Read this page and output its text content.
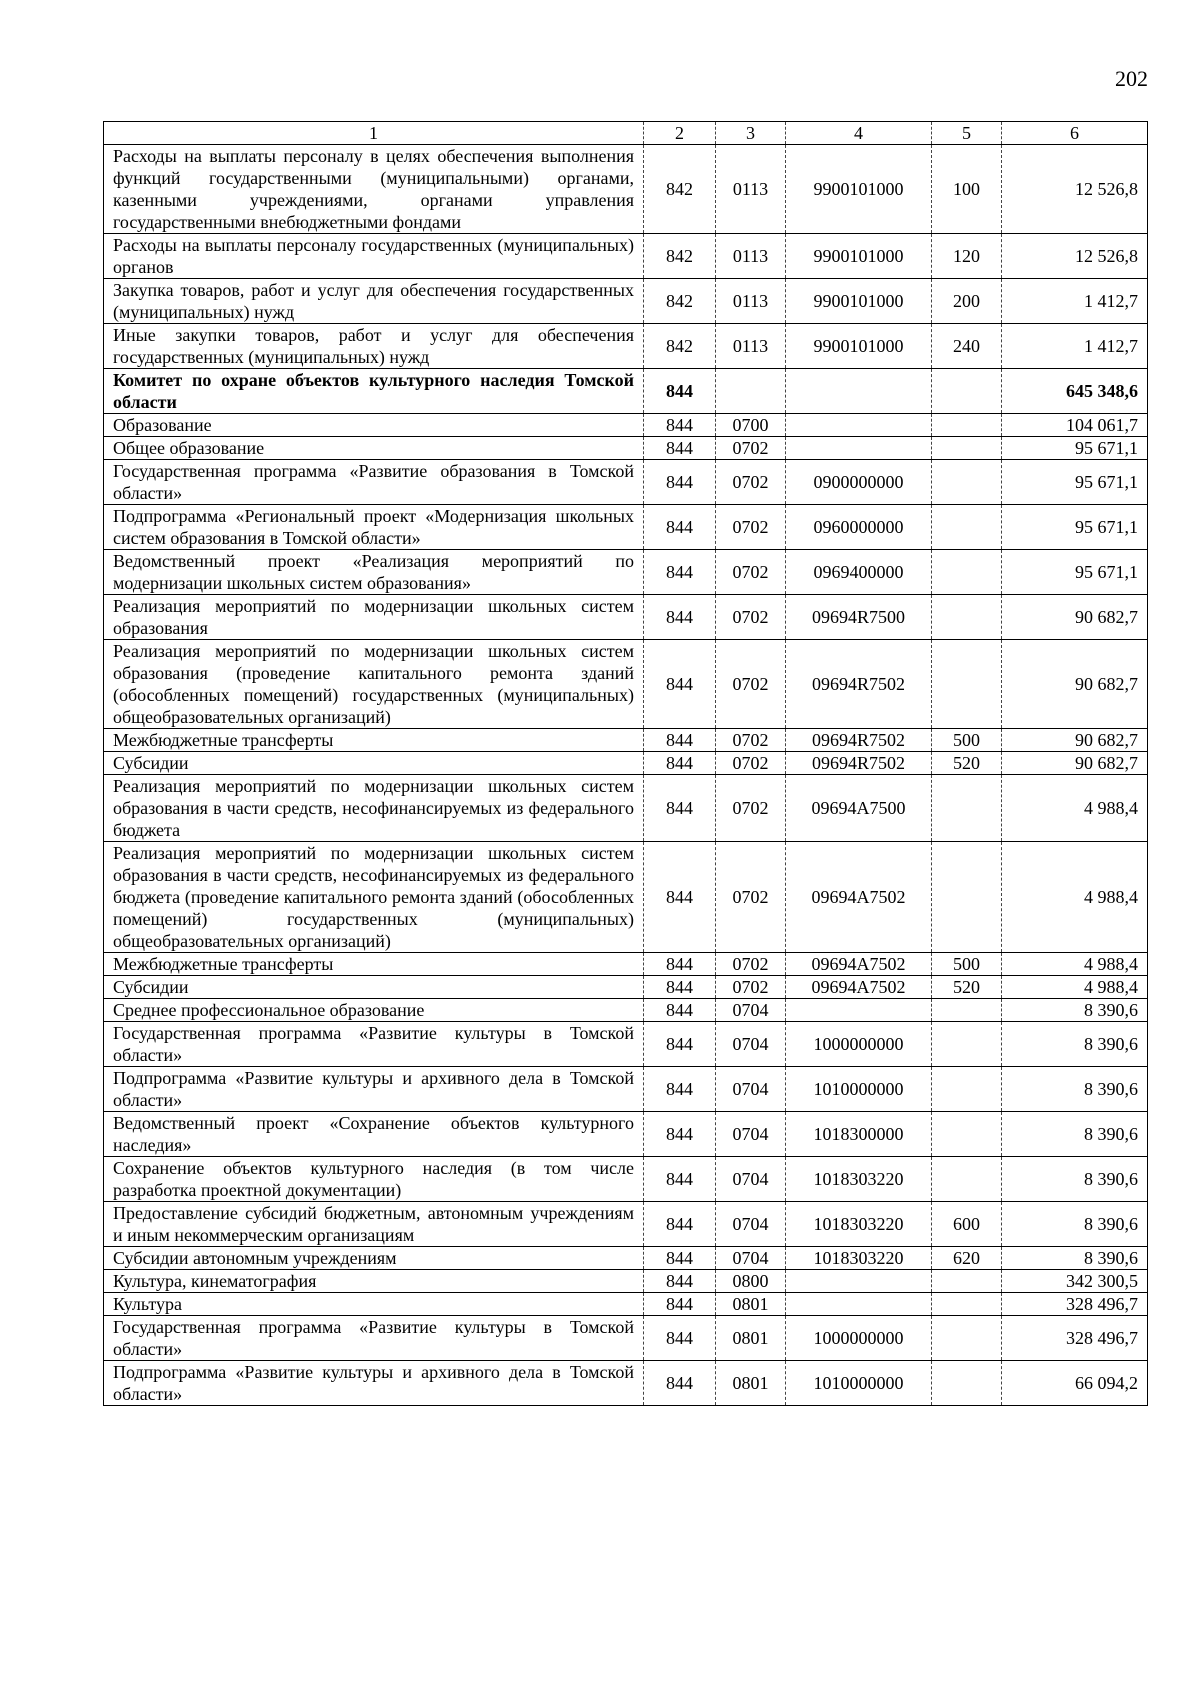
202
1	2	3	4	5	6
Расходы на выплаты персоналу в целях обеспечения выполнения функций государственными (муниципальными) органами, казенными учреждениями, органами управления государственными внебюджетными фондами	842	0113	9900101000	100	12 526,8
Расходы на выплаты персоналу государственных (муниципальных) органов	842	0113	9900101000	120	12 526,8
Закупка товаров, работ и услуг для обеспечения государственных (муниципальных) нужд	842	0113	9900101000	200	1 412,7
Иные закупки товаров, работ и услуг для обеспечения государственных (муниципальных) нужд	842	0113	9900101000	240	1 412,7
Комитет по охране объектов культурного наследия Томской области	844				645 348,6
Образование	844	0700			104 061,7
Общее образование	844	0702			95 671,1
Государственная программа «Развитие образования в Томской области»	844	0702	0900000000		95 671,1
Подпрограмма «Региональный проект «Модернизация школьных систем образования в Томской области»	844	0702	0960000000		95 671,1
Ведомственный проект «Реализация мероприятий по модернизации школьных систем образования»	844	0702	0969400000		95 671,1
Реализация мероприятий по модернизации школьных систем образования	844	0702	09694R7500		90 682,7
Реализация мероприятий по модернизации школьных систем образования (проведение капитального ремонта зданий (обособленных помещений) государственных (муниципальных) общеобразовательных организаций)	844	0702	09694R7502		90 682,7
Межбюджетные трансферты	844	0702	09694R7502	500	90 682,7
Субсидии	844	0702	09694R7502	520	90 682,7
Реализация мероприятий по модернизации школьных систем образования в части средств, несофинансируемых из федерального бюджета	844	0702	09694A7500		4 988,4
Реализация мероприятий по модернизации школьных систем образования в части средств, несофинансируемых из федерального бюджета (проведение капитального ремонта зданий (обособленных помещений) государственных (муниципальных) общеобразовательных организаций)	844	0702	09694A7502		4 988,4
Межбюджетные трансферты	844	0702	09694A7502	500	4 988,4
Субсидии	844	0702	09694A7502	520	4 988,4
Среднее профессиональное образование	844	0704			8 390,6
Государственная программа «Развитие культуры в Томской области»	844	0704	1000000000		8 390,6
Подпрограмма «Развитие культуры и архивного дела в Томской области»	844	0704	1010000000		8 390,6
Ведомственный проект «Сохранение объектов культурного наследия»	844	0704	1018300000		8 390,6
Сохранение объектов культурного наследия (в том числе разработка проектной документации)	844	0704	1018303220		8 390,6
Предоставление субсидий бюджетным, автономным учреждениям и иным некоммерческим организациям	844	0704	1018303220	600	8 390,6
Субсидии автономным учреждениям	844	0704	1018303220	620	8 390,6
Культура, кинематография	844	0800			342 300,5
Культура	844	0801			328 496,7
Государственная программа «Развитие культуры в Томской области»	844	0801	1000000000		328 496,7
Подпрограмма «Развитие культуры и архивного дела в Томской области»	844	0801	1010000000		66 094,2
